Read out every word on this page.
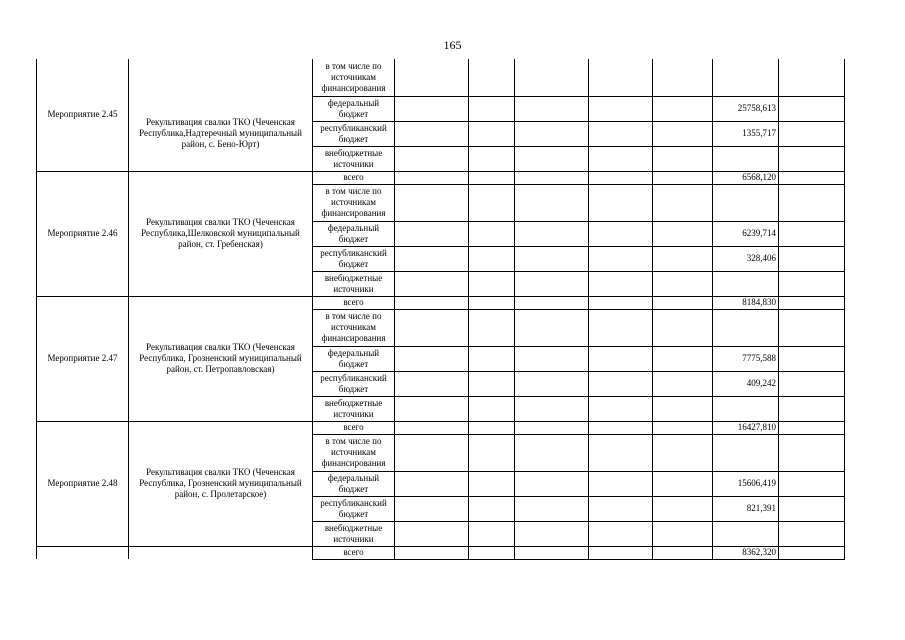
165
Мероприятие 2.45	Рекультивация свалки ТКО (Чеченская Республика,Надтеречный муниципальный район, с. Бено-Юрт)	в том числе по источникам финансирования							
		федеральный бюджет						25758,613	
		республиканский бюджет						1355,717	
		внебюджетные источники							
Мероприятие 2.46	Рекультивация свалки ТКО (Чеченская Республика,Шелковской муниципальный район, ст. Гребенская)	всего						6568,120	
		в том числе по источникам финансирования							
		федеральный бюджет						6239,714	
		республиканский бюджет						328,406	
		внебюджетные источники							
Мероприятие 2.47	Рекультивация свалки ТКО (Чеченская Республика, Грозненский муниципальный район, ст. Петропавловская)	всего						8184,830	
		в том числе по источникам финансирования							
		федеральный бюджет						7775,588	
		республиканский бюджет						409,242	
		внебюджетные источники							
Мероприятие 2.48	Рекультивация свалки ТКО (Чеченская Республика, Грозненский муниципальный район, с. Пролетарское)	всего						16427,810	
		в том числе по источникам финансирования							
		федеральный бюджет						15606,419	
		республиканский бюджет						821,391	
		внебюджетные источники							
		всего						8362,320	
